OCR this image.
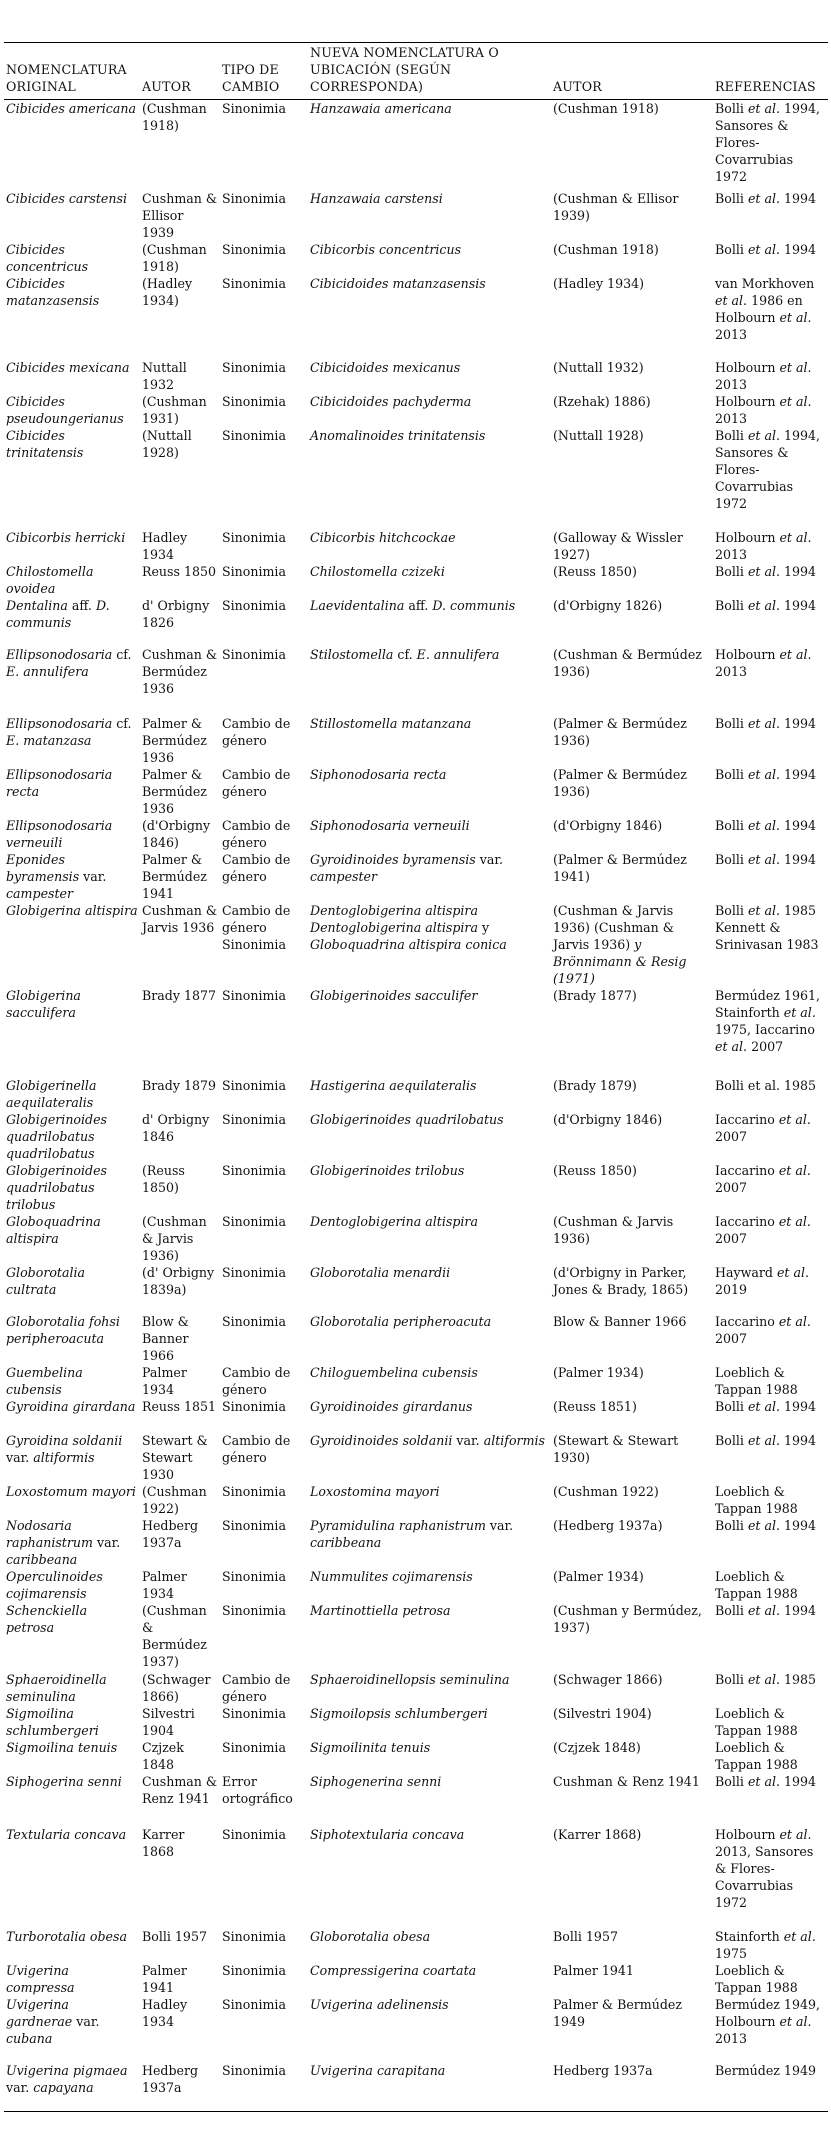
NOMENCLATURA ORIGINAL	AUTOR	TIPO DE CAMBIO	NUEVA NOMENCLATURA O UBICACIÓN (SEGÚN CORRESPONDA)	AUTOR	REFERENCIAS
Cibicides americana	(Cushman 1918)	Sinonimia	Hanzawaia americana	(Cushman 1918)	Bolli et al. 1994, Sansores & Flores-Covarrubias 1972
Cibicides carstensi	Cushman & Ellisor 1939	Sinonimia	Hanzawaia carstensi	(Cushman & Ellisor 1939)	Bolli et al. 1994
Cibicides concentricus	(Cushman 1918)	Sinonimia	Cibicorbis concentricus	(Cushman 1918)	Bolli et al. 1994
Cibicides matanzasensis	(Hadley 1934)	Sinonimia	Cibicidoides matanzasensis	(Hadley 1934)	van Morkhoven et al. 1986 en Holbourn et al. 2013
Cibicides mexicana	Nuttall 1932	Sinonimia	Cibicidoides mexicanus	(Nuttall 1932)	Holbourn et al. 2013
Cibicides pseudoungerianus	(Cushman 1931)	Sinonimia	Cibicidoides pachyderma	(Rzehak) 1886)	Holbourn et al. 2013
Cibicides trinitatensis	(Nuttall 1928)	Sinonimia	Anomalinoides trinitatensis	(Nuttall 1928)	Bolli et al. 1994, Sansores & Flores-Covarrubias 1972
Cibicorbis herricki	Hadley 1934	Sinonimia	Cibicorbis hitchcockae	(Galloway & Wissler 1927)	Holbourn et al. 2013
Chilostomella ovoidea	Reuss 1850	Sinonimia	Chilostomella czizeki	(Reuss 1850)	Bolli et al. 1994
Dentalina aff. D. communis	d' Orbigny 1826	Sinonimia	Laevidentalina aff. D. communis	(d'Orbigny 1826)	Bolli et al. 1994
Ellipsonodosaria cf. E. annulifera	Cushman & Bermúdez 1936	Sinonimia	Stilostomella cf. E. annulifera	(Cushman & Bermúdez 1936)	Holbourn et al. 2013
Ellipsonodosaria cf. E. matanzasa	Palmer & Bermúdez 1936	Cambio de género	Stillostomella matanzana	(Palmer & Bermúdez 1936)	Bolli et al. 1994
Ellipsonodosaria recta	Palmer & Bermúdez 1936	Cambio de género	Siphonodosaria recta	(Palmer & Bermúdez 1936)	Bolli et al. 1994
Ellipsonodosaria verneuili	(d'Orbigny 1846)	Cambio de género	Siphonodosaria verneuili	(d'Orbigny 1846)	Bolli et al. 1994
Eponides byramensis var. campester	Palmer & Bermúdez 1941	Cambio de género	Gyroidinoides byramensis var. campester	(Palmer & Bermúdez 1941)	Bolli et al. 1994
Globigerina altispira	Cushman & Jarvis 1936	Cambio de género Sinonimia	Dentoglobigerina altispira Dentoglobigerina altispira y Globoquadrina altispira conica	(Cushman & Jarvis 1936) (Cushman & Jarvis 1936) y Brönnimann & Resig (1971)	Bolli et al. 1985 Kennett & Srinivasan 1983
Globigerina sacculifera	Brady 1877	Sinonimia	Globigerinoides sacculifer	(Brady 1877)	Bermúdez 1961, Stainforth et al. 1975, Iaccarino et al. 2007
Globigerinella aequilateralis	Brady 1879	Sinonimia	Hastigerina aequilateralis	(Brady 1879)	Bolli et al. 1985
Globigerinoides quadrilobatus quadrilobatus	d' Orbigny 1846	Sinonimia	Globigerinoides quadrilobatus	(d'Orbigny 1846)	Iaccarino et al. 2007
Globigerinoides quadrilobatus trilobus	(Reuss 1850)	Sinonimia	Globigerinoides trilobus	(Reuss 1850)	Iaccarino et al. 2007
Globoquadrina altispira	(Cushman & Jarvis 1936)	Sinonimia	Dentoglobigerina altispira	(Cushman & Jarvis 1936)	Iaccarino et al. 2007
Globorotalia cultrata	(d' Orbigny 1839a)	Sinonimia	Globorotalia menardii	(d'Orbigny in Parker, Jones & Brady, 1865)	Hayward et al. 2019
Globorotalia fohsi peripheroacuta	Blow & Banner 1966	Sinonimia	Globorotalia peripheroacuta	Blow & Banner 1966	Iaccarino et al. 2007
Guembelina cubensis	Palmer 1934	Cambio de género	Chiloguembelina cubensis	(Palmer 1934)	Loeblich & Tappan 1988
Gyroidina girardana	Reuss 1851	Sinonimia	Gyroidinoides girardanus	(Reuss 1851)	Bolli et al. 1994
Gyroidina soldanii var. altiformis	Stewart & Stewart 1930	Cambio de género	Gyroidinoides soldanii var. altiformis	(Stewart & Stewart 1930)	Bolli et al. 1994
Loxostomum mayori	(Cushman 1922)	Sinonimia	Loxostomina mayori	(Cushman 1922)	Loeblich & Tappan 1988
Nodosaria raphanistrum var. caribbeana	Hedberg 1937a	Sinonimia	Pyramidulina raphanistrum var. caribbeana	(Hedberg 1937a)	Bolli et al. 1994
Operculinoides cojimarensis	Palmer 1934	Sinonimia	Nummulites cojimarensis	(Palmer 1934)	Loeblich & Tappan 1988
Schenckiella petrosa	(Cushman & Bermúdez 1937)	Sinonimia	Martinottiella petrosa	(Cushman y Bermúdez, 1937)	Bolli et al. 1994
Sphaeroidinella seminulina	(Schwager 1866)	Cambio de género	Sphaeroidinellopsis seminulina	(Schwager 1866)	Bolli et al. 1985
Sigmoilina schlumbergeri	Silvestri 1904	Sinonimia	Sigmoilopsis schlumbergeri	(Silvestri 1904)	Loeblich & Tappan 1988
Sigmoilina tenuis	Czjzek 1848	Sinonimia	Sigmoilinita tenuis	(Czjzek 1848)	Loeblich & Tappan 1988
Siphogerina senni	Cushman & Renz 1941	Error ortográfico	Siphogenerina senni	Cushman & Renz 1941	Bolli et al. 1994
Textularia concava	Karrer 1868	Sinonimia	Siphotextularia concava	(Karrer 1868)	Holbourn et al. 2013, Sansores & Flores-Covarrubias 1972
Turborotalia obesa	Bolli 1957	Sinonimia	Globorotalia obesa	Bolli 1957	Stainforth et al. 1975
Uvigerina compressa	Palmer 1941	Sinonimia	Compressigerina coartata	Palmer 1941	Loeblich & Tappan 1988
Uvigerina gardnerae var. cubana	Hadley 1934	Sinonimia	Uvigerina adelinensis	Palmer & Bermúdez 1949	Bermúdez 1949, Holbourn et al. 2013
Uvigerina pigmaea var. capayana	Hedberg 1937a	Sinonimia	Uvigerina carapitana	Hedberg 1937a	Bermúdez 1949
